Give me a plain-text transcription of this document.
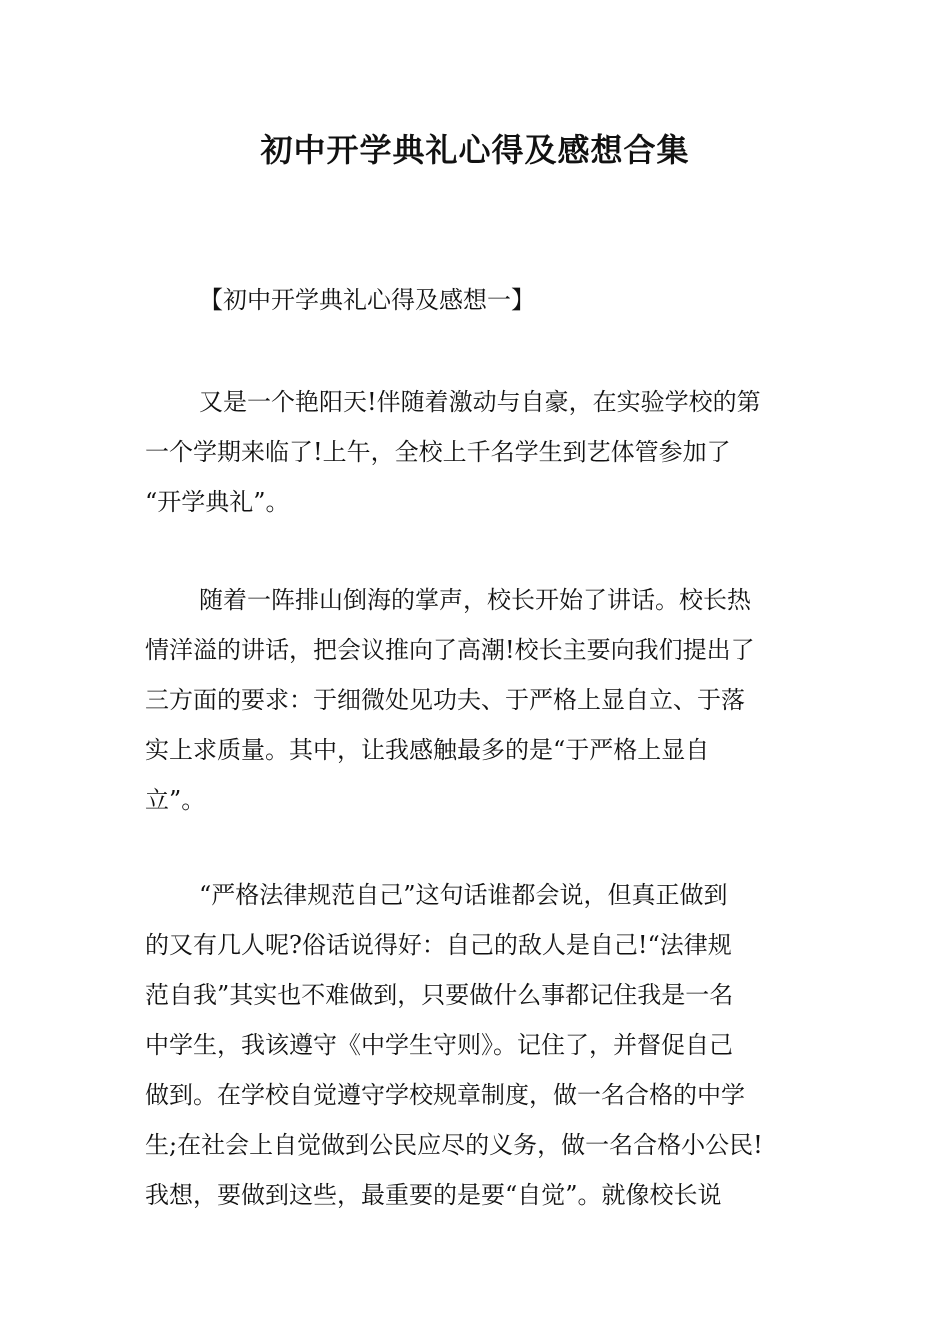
初中开学典礼心得及感想合集
【初中开学典礼心得及感想一】
又是一个艳阳天!伴随着激动与自豪，在实验学校的第
一个学期来临了!上午，全校上千名学生到艺体管参加了
“开学典礼”。
随着一阵排山倒海的掌声，校长开始了讲话。校长热
情洋溢的讲话，把会议推向了高潮!校长主要向我们提出了
三方面的要求：于细微处见功夫、于严格上显自立、于落
实上求质量。其中，让我感触最多的是“于严格上显自
立”。
“严格法律规范自己”这句话谁都会说，但真正做到
的又有几人呢?俗话说得好：自己的敌人是自己!“法律规
范自我”其实也不难做到，只要做什么事都记住我是一名
中学生，我该遵守《中学生守则》。记住了，并督促自己
做到。在学校自觉遵守学校规章制度，做一名合格的中学
生;在社会上自觉做到公民应尽的义务，做一名合格小公民!
我想，要做到这些，最重要的是要“自觉”。就像校长说
